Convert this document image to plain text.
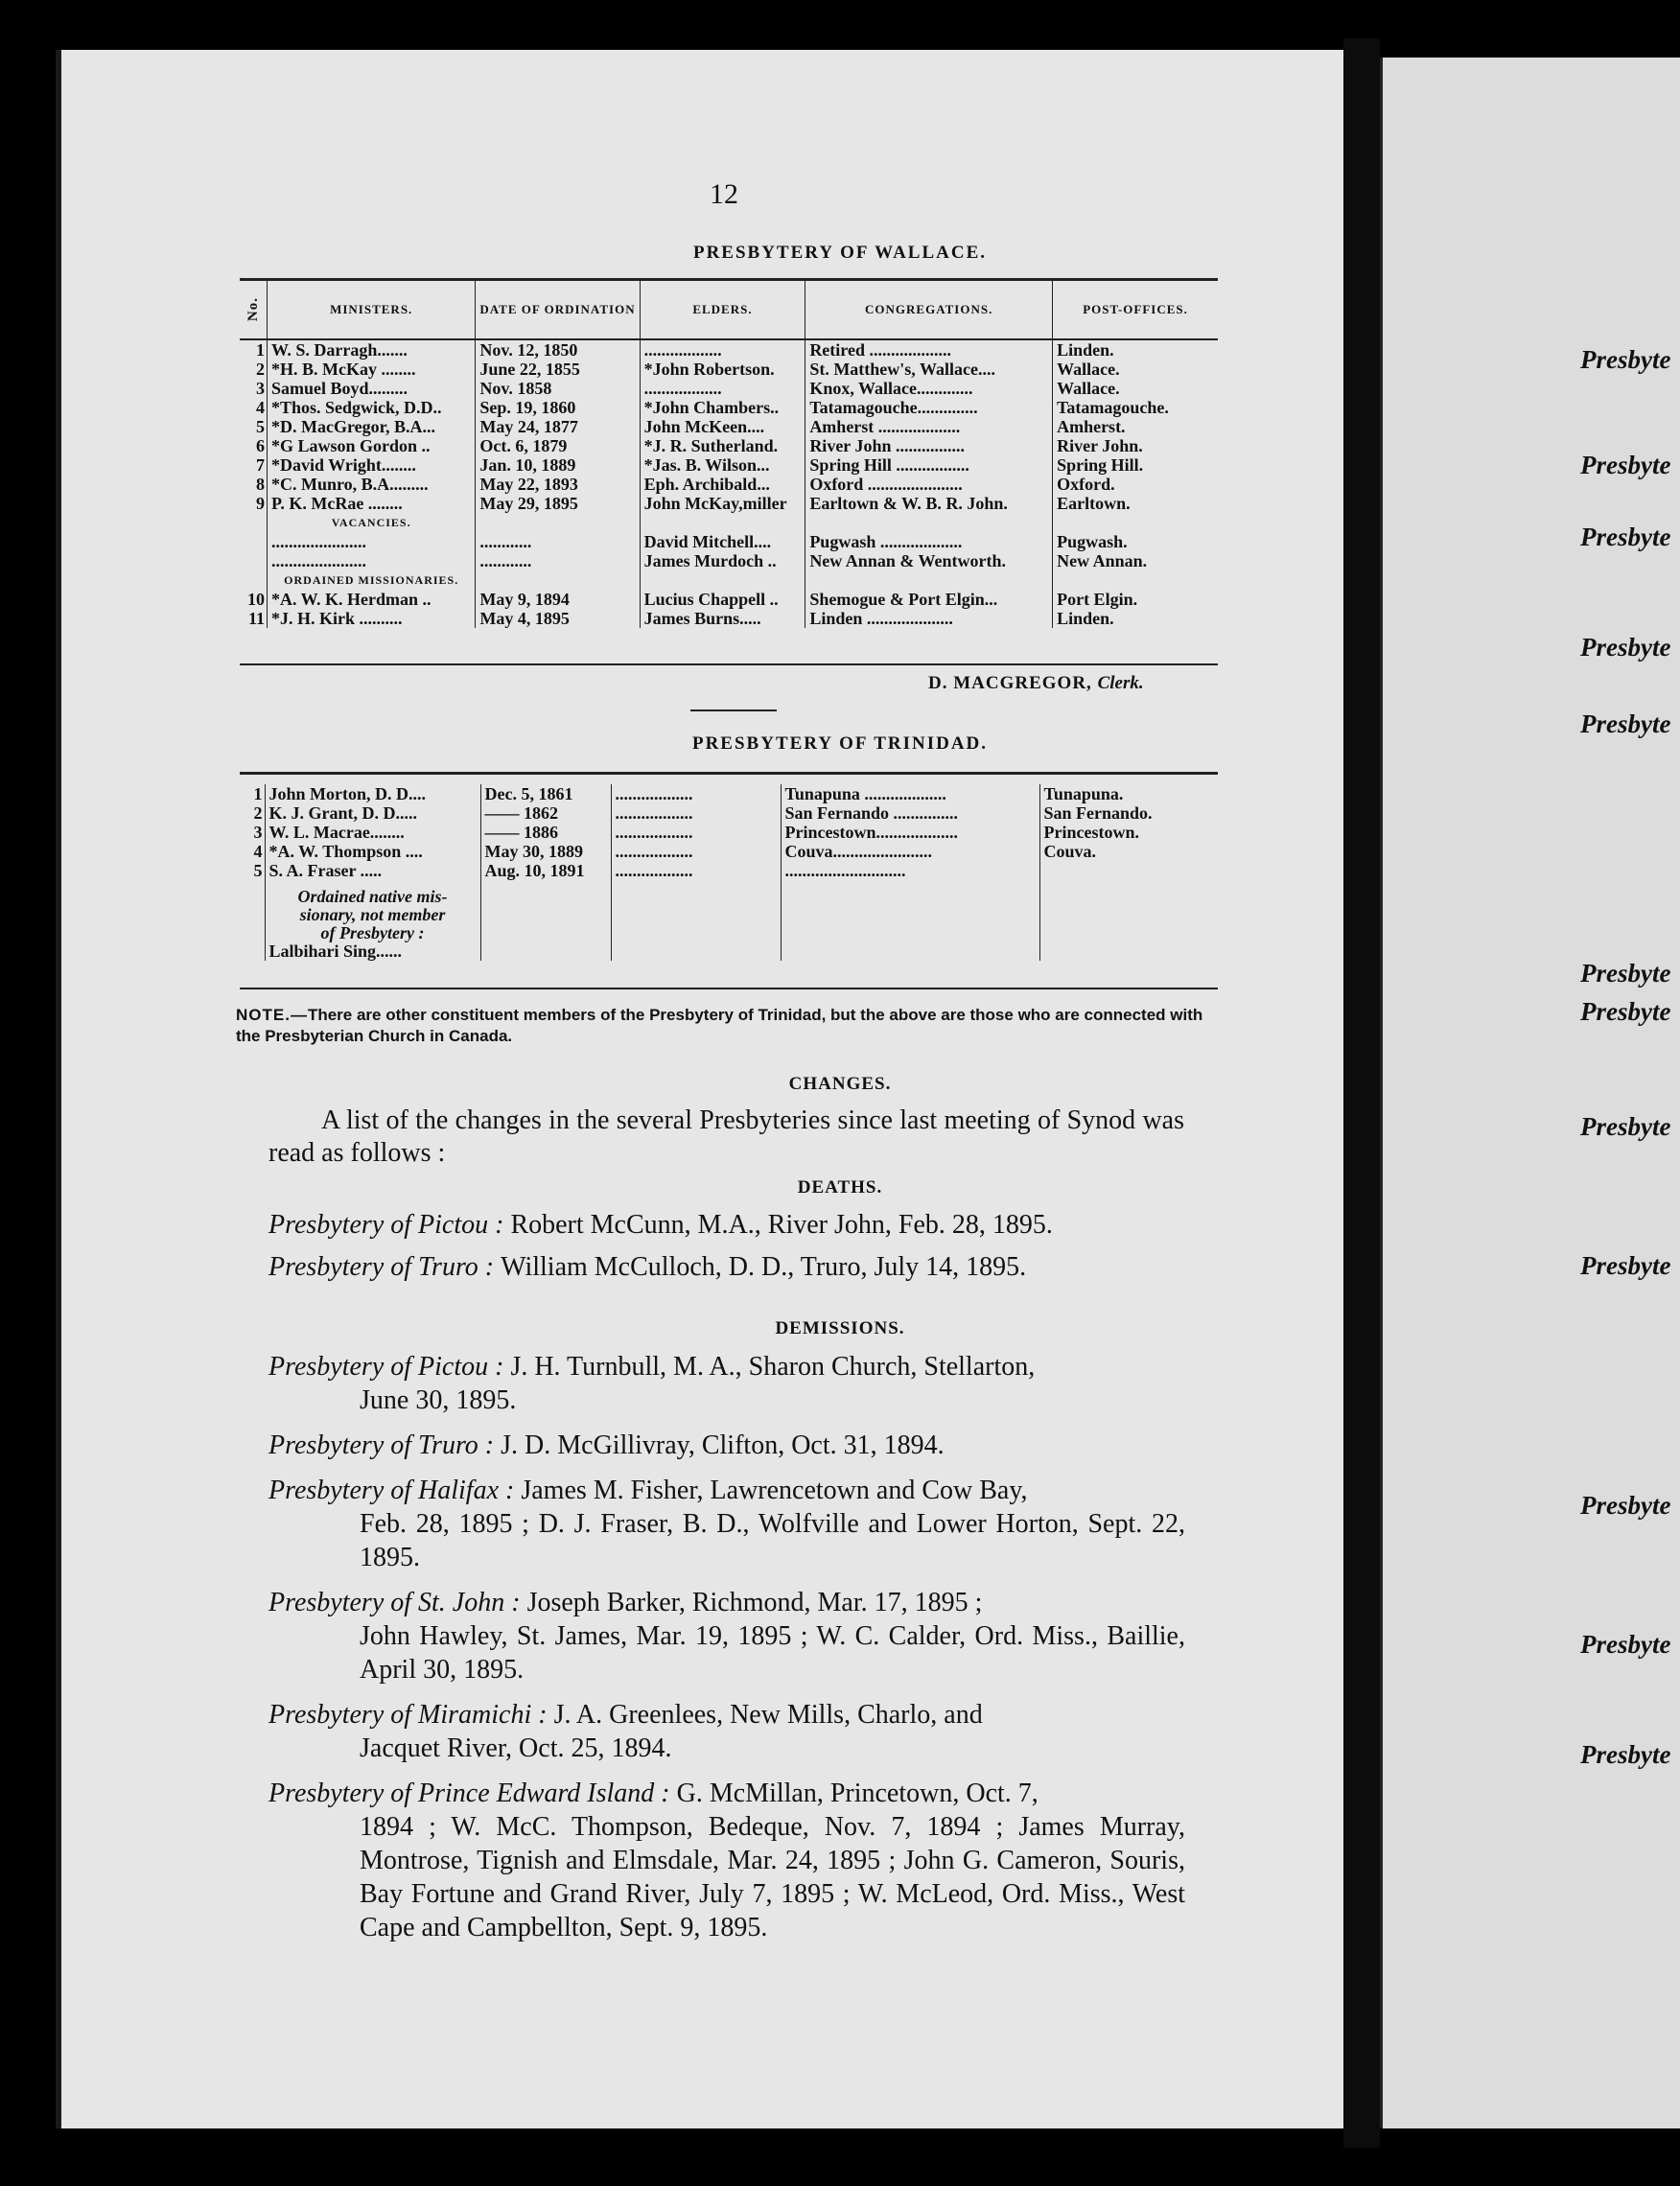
Presbyte
Presbyte
Presbyte
Presbyte
Presbyte
Presbyte
Presbyte
Presbyte
Presbyte
Presbyte
Presbyte
Presbyte
12
PRESBYTERY OF WALLACE.
No.	MINISTERS.	DATE OF ORDINATION	ELDERS.	CONGREGATIONS.	POST-OFFICES.
1	W. S. Darragh.......	Nov. 12, 1850	..................	Retired ...................	Linden.
2	*H. B. McKay ........	June 22, 1855	*John Robertson.	St. Matthew's, Wallace....	Wallace.
3	Samuel Boyd.........	Nov. 1858	..................	Knox, Wallace.............	Wallace.
4	*Thos. Sedgwick, D.D..	Sep. 19, 1860	*John Chambers..	Tatamagouche..............	Tatamagouche.
5	*D. MacGregor, B.A...	May 24, 1877	John McKeen....	Amherst ...................	Amherst.
6	*G Lawson Gordon ..	Oct. 6, 1879	*J. R. Sutherland.	River John ................	River John.
7	*David Wright........	Jan. 10, 1889	*Jas. B. Wilson...	Spring Hill .................	Spring Hill.
8	*C. Munro, B.A.........	May 22, 1893	Eph. Archibald...	Oxford ......................	Oxford.
9	P. K. McRae ........	May 29, 1895	John McKay,miller	Earltown & W. B. R. John.	Earltown.
	VACANCIES.				
	......................	............	David Mitchell....	Pugwash ...................	Pugwash.
	......................	............	James Murdoch ..	New Annan & Wentworth.	New Annan.
	ORDAINED MISSIONARIES.				
10	*A. W. K. Herdman ..	May 9, 1894	Lucius Chappell ..	Shemogue & Port Elgin...	Port Elgin.
11	*J. H. Kirk ..........	May 4, 1895	James Burns.....	Linden ....................	Linden.
D. MACGREGOR, Clerk.
PRESBYTERY OF TRINIDAD.
1	John Morton, D. D....	Dec. 5, 1861	..................	Tunapuna ...................	Tunapuna.
2	K. J. Grant, D. D.....	—— 1862	..................	San Fernando ...............	San Fernando.
3	W. L. Macrae........	—— 1886	..................	Princestown...................	Princestown.
4	*A. W. Thompson ....	May 30, 1889	..................	Couva.......................	Couva.
5	S. A. Fraser .....	Aug. 10, 1891	..................	............................	

	Ordained native mis-
sionary, not member
of Presbytery :
Lalbihari Sing......				

NOTE.—There are other constituent members of the Presbytery of Trinidad, but the above are those who are connected with the Presbyterian Church in Canada.
CHANGES.
A list of the changes in the several Presbyteries since last meeting of Synod was read as follows :
DEATHS.
Presbytery of Pictou : Robert McCunn, M.A., River John, Feb. 28, 1895.
Presbytery of Truro : William McCulloch, D. D., Truro, July 14, 1895.
DEMISSIONS.
Presbytery of Pictou : J. H. Turnbull, M. A., Sharon Church, Stellarton,
June 30, 1895.
Presbytery of Truro : J. D. McGillivray, Clifton, Oct. 31, 1894.
Presbytery of Halifax : James M. Fisher, Lawrencetown and Cow Bay,
Feb. 28, 1895 ; D. J. Fraser, B. D., Wolfville and Lower Horton, Sept. 22, 1895.
Presbytery of St. John : Joseph Barker, Richmond, Mar. 17, 1895 ;
John Hawley, St. James, Mar. 19, 1895 ; W. C. Calder, Ord. Miss., Baillie, April 30, 1895.
Presbytery of Miramichi : J. A. Greenlees, New Mills, Charlo, and
Jacquet River, Oct. 25, 1894.
Presbytery of Prince Edward Island : G. McMillan, Princetown, Oct. 7,
1894 ; W. McC. Thompson, Bedeque, Nov. 7, 1894 ; James Murray, Montrose, Tignish and Elmsdale, Mar. 24, 1895 ; John G. Cameron, Souris, Bay Fortune and Grand River, July 7, 1895 ; W. McLeod, Ord. Miss., West Cape and Campbellton, Sept. 9, 1895.
